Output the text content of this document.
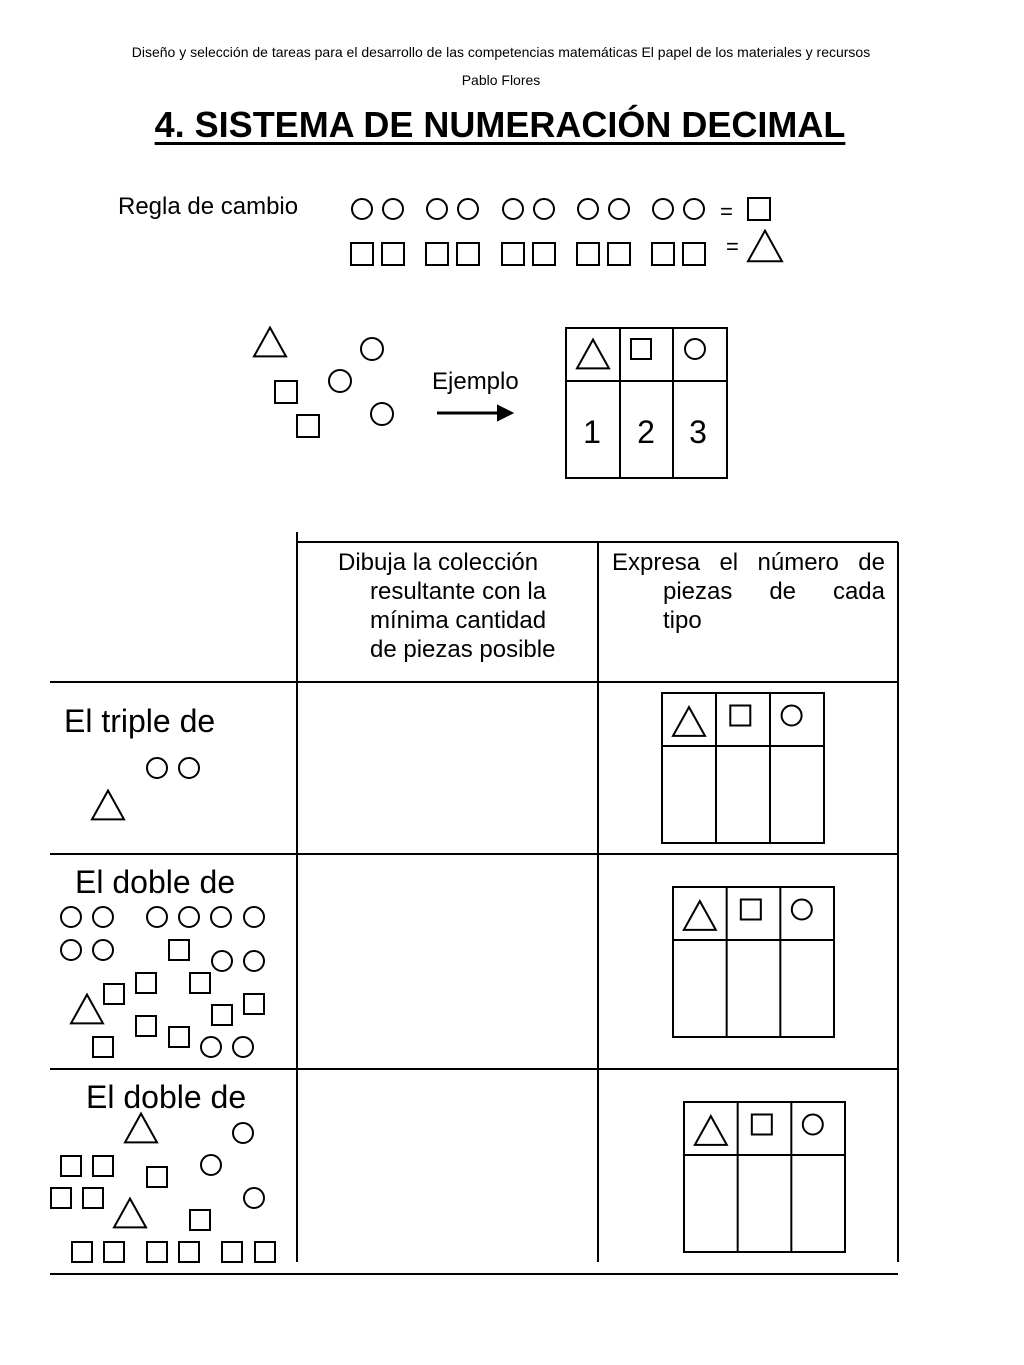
Diseño y selección de tareas para el desarrollo de las competencias matemáticas El papel de los materiales y recursos
Pablo Flores
4. SISTEMA DE NUMERACIÓN DECIMAL
Regla de cambio
Ejemplo
1	2	3
Dibuja la colección
resultante con la
mínima cantidad
de piezas posible
Expresa el número de
piezas de cada
tipo
El triple de
El doble de
El doble de
=
=
